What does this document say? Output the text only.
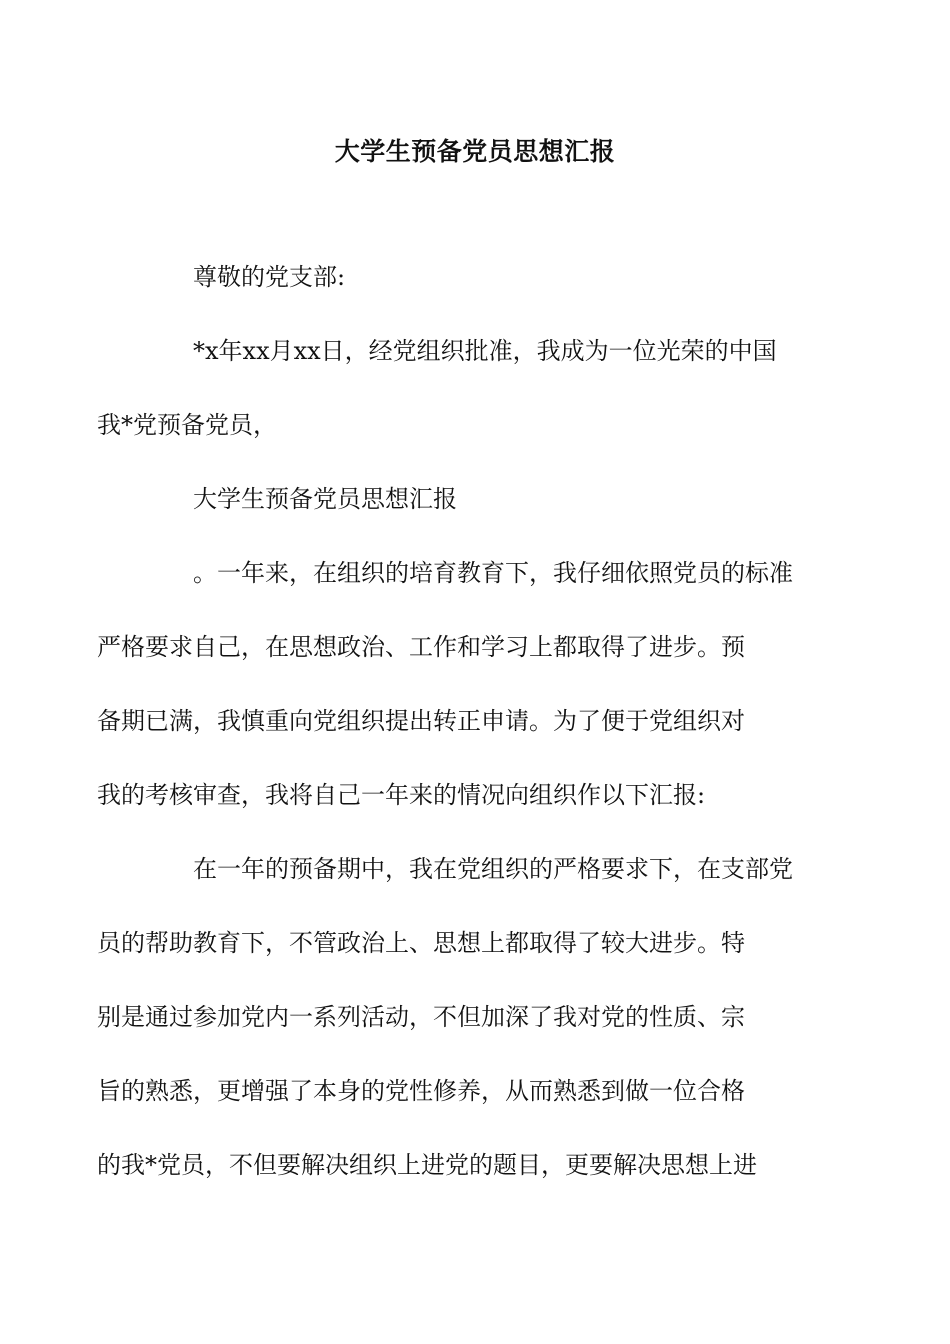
大学生预备党员思想汇报

尊敬的党支部:

*x年xx月xx日，经党组织批准，我成为一位光荣的中国
我*党预备党员，

大学生预备党员思想汇报

。一年来，在组织的培育教育下，我仔细依照党员的标准
严格要求自己，在思想政治、工作和学习上都取得了进步。预
备期已满，我慎重向党组织提出转正申请。为了便于党组织对
我的考核审查，我将自己一年来的情况向组织作以下汇报:

在一年的预备期中，我在党组织的严格要求下，在支部党
员的帮助教育下，不管政治上、思想上都取得了较大进步。特
别是通过参加党内一系列活动，不但加深了我对党的性质、宗
旨的熟悉，更增强了本身的党性修养，从而熟悉到做一位合格
的我*党员，不但要解决组织上进党的题目，更要解决思想上进
